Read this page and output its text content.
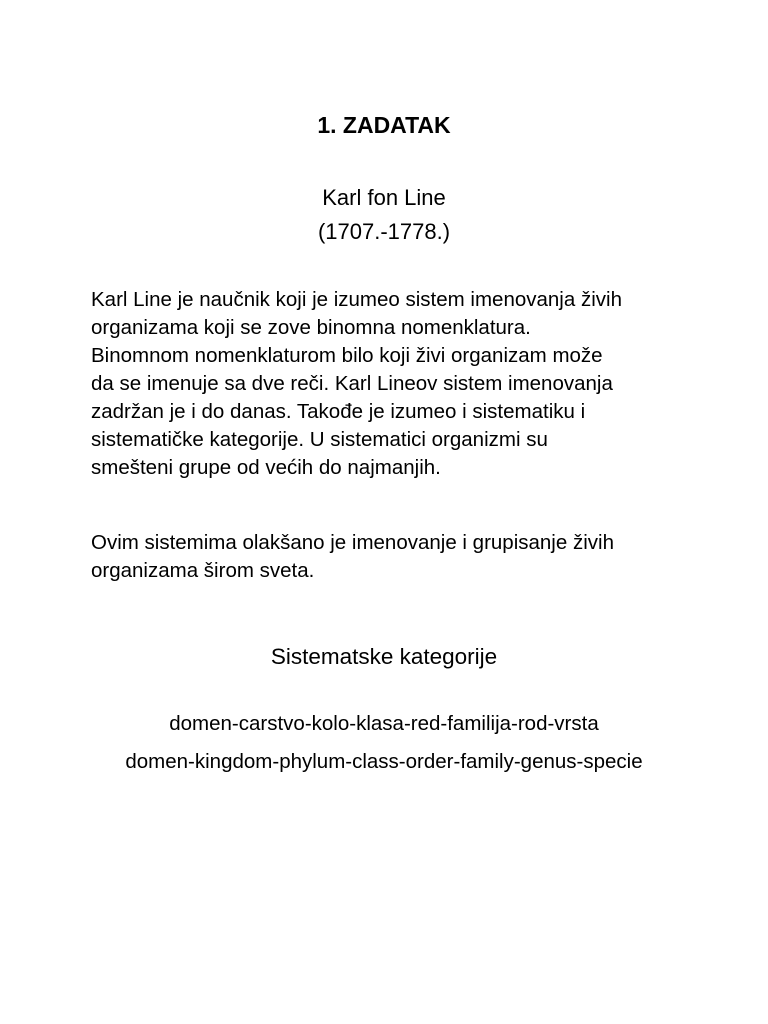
1. ZADATAK
Karl fon Line
(1707.-1778.)

Karl Line je naučnik koji je izumeo sistem imenovanja živih
organizama koji se zove binomna nomenklatura.
Binomnom nomenklaturom bilo koji živi organizam može
da se imenuje sa dve reči. Karl Lineov sistem imenovanja
zadržan je i do danas. Takođe je izumeo i sistematiku i
sistematičke kategorije. U sistematici organizmi su
smešteni grupe od većih do najmanjih.

Ovim sistemima olakšano je imenovanje i grupisanje živih
organizama širom sveta.

Sistematske kategorije
domen-carstvo-kolo-klasa-red-familija-rod-vrsta
domen-kingdom-phylum-class-order-family-genus-specie
